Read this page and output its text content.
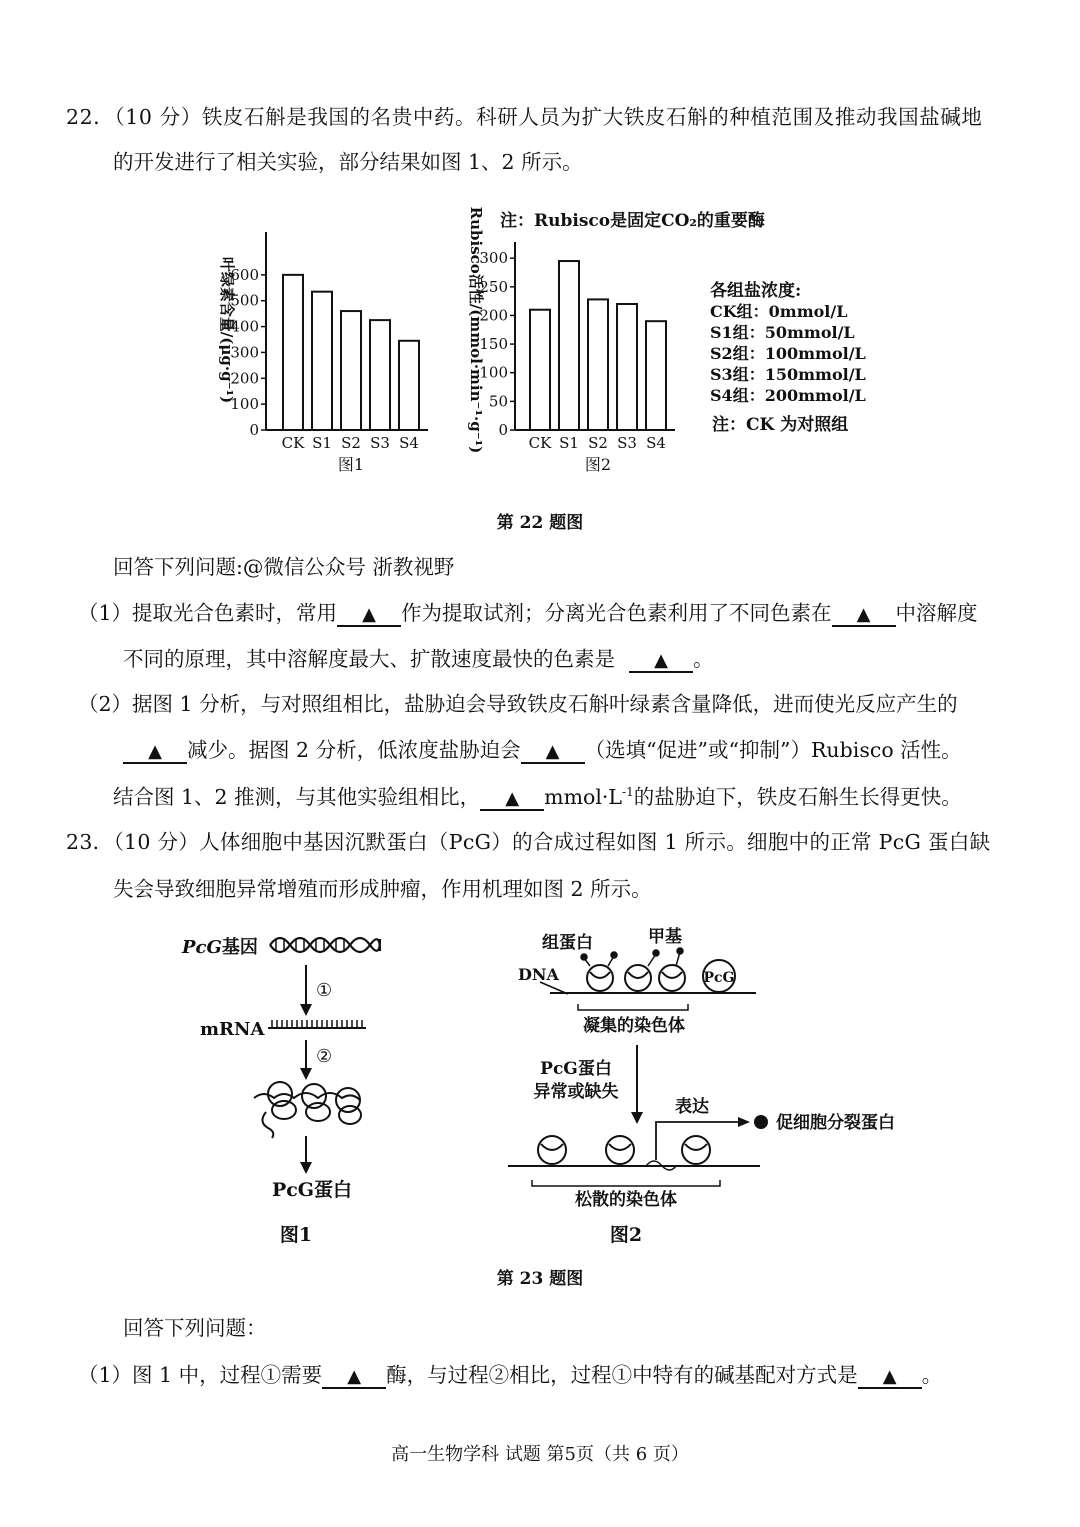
22．（10 分）铁皮石斛是我国的名贵中药。科研人员为扩大铁皮石斛的种植范围及推动我国盐碱地
的开发进行了相关实验，部分结果如图 1、2 所示。
0
100
200
300
400
500
600
CK S1 S2 S3 S4
图1
叶绿素含量/(μg·g⁻¹)
0
50
100
150
200
250
300
CK S1 S2 S3 S4
图2
Rubisco活性/(mmol·min⁻¹·g⁻¹) 注：Rubisco是固定CO₂的重要酶
各组盐浓度:
CK组：0mmol/L
S1组：50mmol/L
S2组：100mmol/L
S3组：150mmol/L
S4组：200mmol/L
注：CK 为对照组
第 22 题图
PcG基因
①
mRNA
②
PcG蛋白
图1
组蛋白	甲基
DNA	PcG
凝集的染色体
PcG蛋白
异常或缺失
表达
促细胞分裂蛋白
松散的染色体
图2
第 23 题图
回答下列问题:@微信公众号 浙教视野
（1）提取光合色素时，常用 ▲ 作为提取试剂；分离光合色素利用了不同色素在 ▲ 中溶解度
不同的原理，其中溶解度最大、扩散速度最快的色素是 ▲ 。
（2）据图 1 分析，与对照组相比，盐胁迫会导致铁皮石斛叶绿素含量降低，进而使光反应产生的
▲ 减少。据图 2 分析，低浓度盐胁迫会 ▲ （选填“促进”或“抑制”）Rubisco 活性。
结合图 1、2 推测，与其他实验组相比， ▲ $mmol\cdot L^{-1}$的盐胁迫下，铁皮石斛生长得更快。
23．（10 分）人体细胞中基因沉默蛋白（PcG）的合成过程如图 1 所示。细胞中的正常 PcG 蛋白缺
失会导致细胞异常增殖而形成肿瘤，作用机理如图 2 所示。
回答下列问题：
（1）图 1 中，过程①需要 ▲ 酶，与过程②相比，过程①中特有的碱基配对方式是 ▲ 。
高一生物学科 试题 第5页（共 6 页）
